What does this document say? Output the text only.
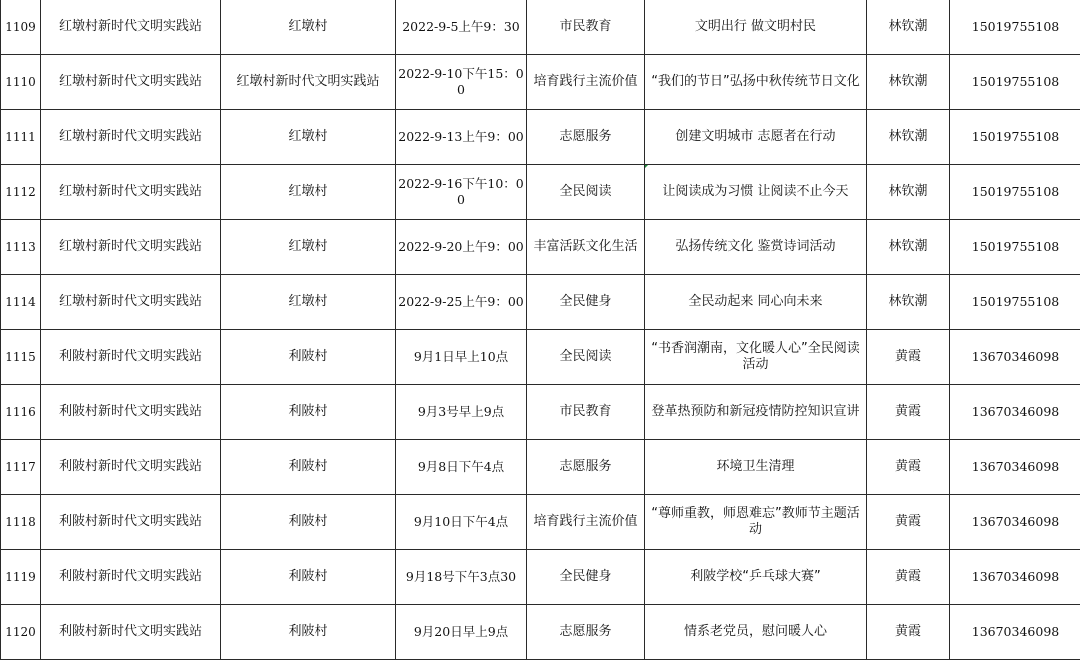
1109	红墩村新时代文明实践站	红墩村	2022-9-5上午9：30	市民教育	文明出行 做文明村民	林钦潮	15019755108
1110	红墩村新时代文明实践站	红墩村新时代文明实践站	2022-9-10下午15：00	培育践行主流价值	“我们的节日”弘扬中秋传统节日文化	林钦潮	15019755108
1111	红墩村新时代文明实践站	红墩村	2022-9-13上午9：00	志愿服务	创建文明城市 志愿者在行动	林钦潮	15019755108
1112	红墩村新时代文明实践站	红墩村	2022-9-16下午10：00	全民阅读	让阅读成为习惯 让阅读不止今天	林钦潮	15019755108
1113	红墩村新时代文明实践站	红墩村	2022-9-20上午9：00	丰富活跃文化生活	弘扬传统文化 鉴赏诗词活动	林钦潮	15019755108
1114	红墩村新时代文明实践站	红墩村	2022-9-25上午9：00	全民健身	全民动起来 同心向未来	林钦潮	15019755108
1115	利陂村新时代文明实践站	利陂村	9月1日早上10点	全民阅读	“书香润潮南，文化暖人心”全民阅读活动	黄霞	13670346098
1116	利陂村新时代文明实践站	利陂村	9月3号早上9点	市民教育	登革热预防和新冠疫情防控知识宣讲	黄霞	13670346098
1117	利陂村新时代文明实践站	利陂村	9月8日下午4点	志愿服务	环境卫生清理	黄霞	13670346098
1118	利陂村新时代文明实践站	利陂村	9月10日下午4点	培育践行主流价值	“尊师重教，师恩难忘”教师节主题活动	黄霞	13670346098
1119	利陂村新时代文明实践站	利陂村	9月18号下午3点30	全民健身	利陂学校“乒乓球大赛”	黄霞	13670346098
1120	利陂村新时代文明实践站	利陂村	9月20日早上9点	志愿服务	情系老党员，慰问暖人心	黄霞	13670346098
